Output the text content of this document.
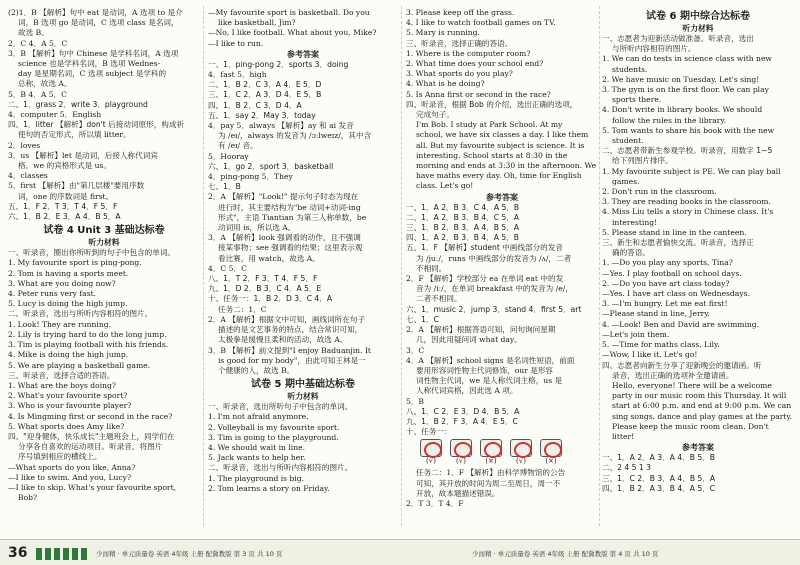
(2)1．B 【解析】句中 eat 是动词，A 选项 to 是介
词，B 选项 go 是动词，C 选项 class 是名词，
故选 B。
2．C 4．A 5．C
3．B 【解析】句中 Chinese 是学科名词，A 选项
science 也是学科名词，B 选项 Wednes-
day 是星期名词，C 选项 subject 是学科的
总称，故选 A。
5．B 4．A 5．C
二、1．grass 2．write 3．playground
4．computer 5．English
四、1．litter 【解析】don't 后接动词原形，构成祈
使句的否定形式，所以填 litter。
2．loves
3．us 【解析】let 是动词，后接人称代词宾
格，we 的宾格形式是 us。
4．classes
5．first 【解析】由"第几层楼"要用序数
词，one 的序数词是 first。
五、1．F 2．T 3．T 4．F 5．F
六、1．B 2．E 3．A 4．B 5．A
试卷 4 Unit 3 基础达标卷
听力材料
一、听录音，圈出你所听到的句子中包含的单词。
1. My favourite sport is ping-pong.
2. Tom is having a sports meet.
3. What are you doing now?
4. Peter runs very fast.
5. Lucy is doing the high jump.
二、听录音，选出与所听内容相符的图片。
1. Look! They are running.
2. Lily is trying hard to do the long jump.
3. Tim is playing football with his friends.
4. Mike is doing the high jump.
5. We are playing a basketball game.
三、听录音，选择合适的答语。
1. What are the boys doing?
2. What's your favourite sport?
3. Who is your favourite player?
4. Is Mingming first or second in the race?
5. What sports does Amy like?
四、"迎身健体，快乐成长"主题班会上，同学们在
分享各自喜欢的运动项目。听录音，将图片
序号填到相应的横线上。
—What sports do you like, Anna?
—I like to swim. And you, Lucy?
—I like to skip. What's your favourite sport,
Bob?
—My favourite sport is basketball. Do you
like basketball, Jim?
—No, I like football. What about you, Mike?
—I like to run.
参考答案
一、1．ping-pong 2．sports 3．doing
4．fast 5．high
二、1．B 2．C 3．A 4．E 5．D
三、1．C 2．A 3．D 4．E 5．B
四、1．B 2．C 3．D 4．A
五、1．say 2．May 3．today
4．pay 5．always 【解析】ay 和 ai 发音
为 /eɪ/，always 的发音为 /ɔːlweɪz/，其中含
有 /eɪ/ 音。
5．Hooray
六、1．go 2．sport 3．basketball
4．ping-pong 5．They
七、1．B
2．A 【解析】"Look!" 提示句子时态为现在
进行时，其主要结构为"be 动词+动词-ing
形式"，主语 Tiantian 为第三人称单数，be
动词用 is，所以选 A。
3．A 【解析】look 强调看的动作，且不强调
接某事物；see 强调看的结果；这里表示观
看比赛，用 watch，故选 A。
4．C 5．C
八、1．T 2．F 3．T 4．F 5．F
九、1．D 2．B 3．C 4．A 5．E
十、任务一：1．B 2．D 3．C 4．A
任务二：1．C
2．A 【解析】根据文中可知，画线词所在句子
描述的是文艺事务的特点，结合常识可知，
太极拳是缓慢且柔和的活动，故选 A。
3．B 【解析】前文提到"I enjoy Baduanjin. It
is good for my body"，由此可知王林是一
个健康的人，故选 B。
试卷 5 期中基础达标卷
听力材料
一、听录音，选出所听句子中包含的单词。
1. I'm not afraid anymore.
2. Volleyball is my favourite sport.
3. Tim is going to the playground.
4. We should wait in line.
5. Jack wants to help her.
二、听录音，选出与所听内容相符的图片。
1. The playground is big.
2. Tom learns a story on Friday.
3. Please keep off the grass.
4. I like to watch football games on TV.
5. Mary is running.
三、听录音，选择正确的答语。
1. Where is the computer room?
2. What time does your school end?
3. What sports do you play?
4. What is he doing?
5. Is Anna first or second in the race?
四、听录音，根据 Bob 的介绍，选出正确的选项，
完成句子。
I'm Bob. I study at Park School. At my
school, we have six classes a day. I like them
all. But my favourite subject is science. It is
interesting. School starts at 8:30 in the
morning and ends at 3:30 in the afternoon. We
have maths every day. Oh, time for English
class. Let's go!
参考答案
一、1．A 2．B 3．C 4．A 5．B
二、1．A 2．B 3．B 4．C 5．A
三、1．B 2．B 3．A 4．B 5．A
四、1．A 2．B 3．B 4．A 5．B
五、1．F 【解析】student 中画线部分的发音
为 /juː/，runs 中画线部分的发音为 /ʌ/，二者
不相同。
2．F 【解析】学校部分 ea 在单词 eat 中的发
音为 /iː/，在单词 breakfast 中的发音为 /e/，
二者不相同。
六、1．music 2．jump 3．stand 4．first 5．art
七、1．C
2．A 【解析】根据答语可知，问句询问星期
几，因此用疑问词 what day。
3．C
4．A 【解析】school signs 是名词性短语，前面
要用形容词性物主代词修饰，our 是形容
词性物主代词，we 是人称代词主格，us 是
人称代词宾格，因此选 A 项。
5．B
八、1．C 2．E 3．D 4．B 5．A
九、1．B 2．F 3．A 4．E 5．C
十、任务一：
(√)	(√)	(×)	(√)	(×)
任务二：1．F 【解析】由科学博物馆的公告
可知，其开放的时间为周二至周日，周一不
开放，故本题描述错误。
2．T 3．T 4．F
试卷 6 期中综合达标卷
听力材料
一、志愿者为迎新活动做准备。听录音，选出
与所听内容相符的图片。
1. We can do tests in science class with new
students.
2. We have music on Tuesday. Let's sing!
3. The gym is on the first floor. We can play
sports there.
4. Don't write in library books. We should
follow the rules in the library.
5. Tom wants to share his book with the new
student.
二、志愿者带新生参观学校。听录音，用数字 1~5
给下列图片排序。
1. My favourite subject is PE. We can play ball
games.
2. Don't run in the classroom.
3. They are reading books in the classroom.
4. Miss Liu tells a story in Chinese class. It's
interesting!
5. Please stand in line in the canteen.
三、新生和志愿者愉快交流。听录音，选择正
确的答语。
1. —Do you play any sports, Tina?
—Yes. I play football on school days.
2. —Do you have art class today?
—Yes. I have art class on Wednesdays.
3. —I'm hungry. Let me eat first!
—Please stand in line, Jerry.
4. —Look! Ben and David are swimming.
—Let's join them.
5. —Time for maths class, Lily.
—Wow, I like it. Let's go!
四、志愿者向新生分享了迎新晚会的邀请函。听
录音，选出正确的选项补全邀请函。
Hello, everyone! There will be a welcome
party in our music room this Thursday. It will
start at 6:00 p.m. and end at 9:00 p.m. We can
sing songs, dance and play games at the party.
Please keep the music room clean. Don't
litter!
参考答案
一、1．A 2．A 3．A 4．B 5．B
二、2 4 5 1 3
三、1．C 2．B 3．A 4．B 5．A
四、1．B 2．A 3．B 4．A 5．C
36	少而精 · 单元质量卷 英语 4年级 上册 配冀教版 第 3 页 共 10 页	少而精 · 单元质量卷 英语 4年级 上册 配冀教版 第 4 页 共 10 页
